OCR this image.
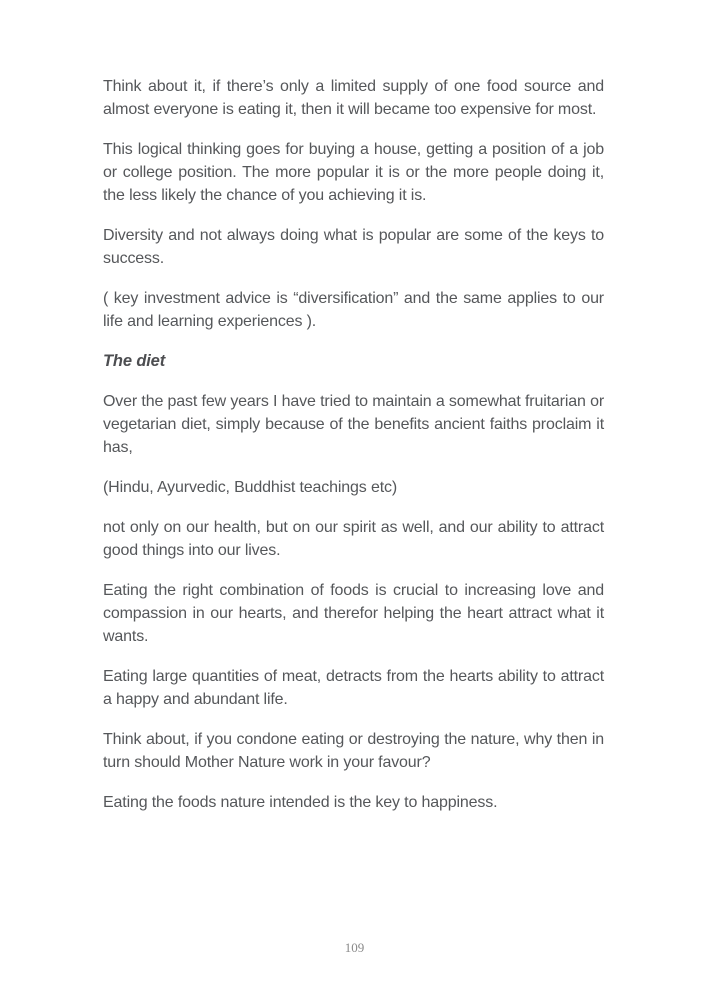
Think about it, if there’s only a limited supply of one food source and almost everyone is eating it, then it will became too expensive for most.

This logical thinking goes for buying a house, getting a position of a job or college position. The more popular it is or the more people doing it, the less likely the chance of you achieving it is.

Diversity and not always doing what is popular are some of the keys to success.

( key investment advice is “diversification” and the same applies to our life and learning experiences ).

The diet

Over the past few years I have tried to maintain a somewhat fruitarian or vegetarian diet, simply because of the benefits ancient faiths proclaim it has,

(Hindu, Ayurvedic, Buddhist teachings etc)

not only on our health, but on our spirit as well, and our ability to attract good things into our lives.

Eating the right combination of foods is crucial to increasing love and compassion in our hearts, and therefor helping the heart attract what it wants.

Eating large quantities of meat, detracts from the hearts ability to attract a happy and abundant life.

Think about, if you condone eating or destroying the nature, why then in turn should Mother Nature work in your favour?

Eating the foods nature intended is the key to happiness.

109
